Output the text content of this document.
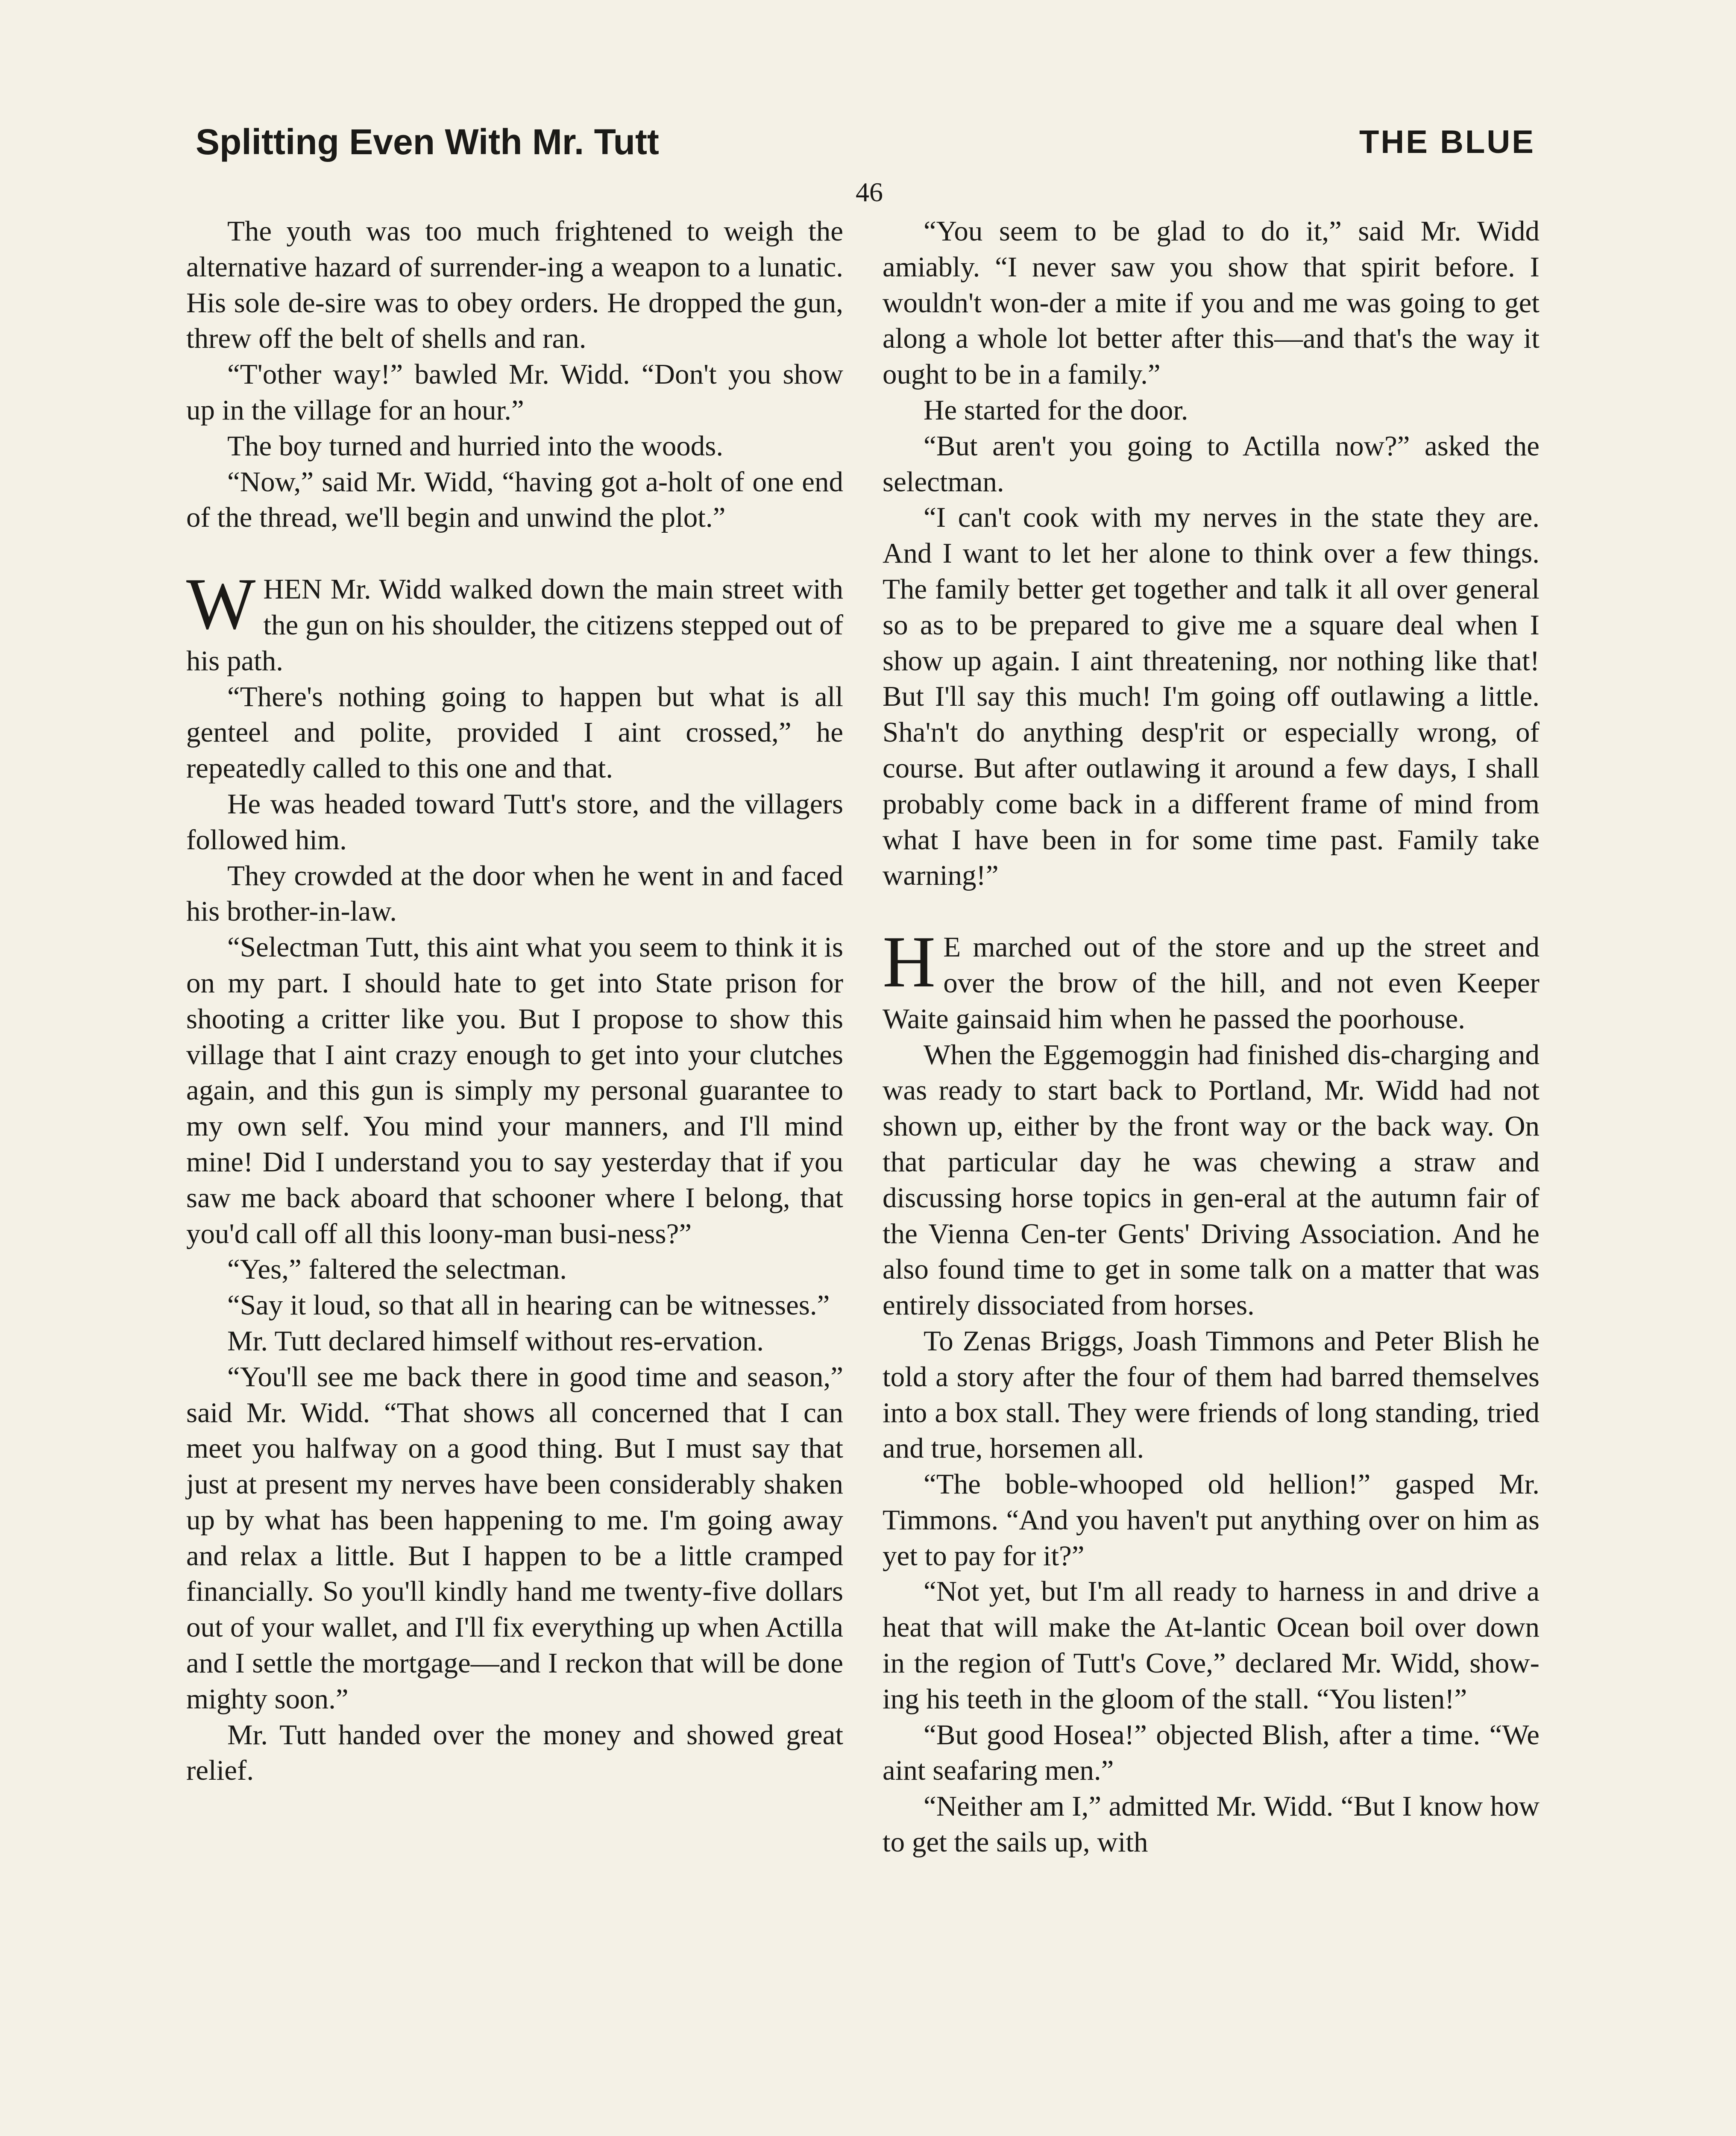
Splitting Even With Mr. Tutt	THE BLUE
46

The youth was too much frightened to weigh the alternative hazard of surrender-ing a weapon to a lunatic. His sole de-sire was to obey orders. He dropped the gun, threw off the belt of shells and ran.

“T'other way!” bawled Mr. Widd. “Don't you show up in the village for an hour.”

The boy turned and hurried into the woods.

“Now,” said Mr. Widd, “having got a-holt of one end of the thread, we'll begin and unwind the plot.”

WHEN Mr. Widd walked down the main street with the gun on his shoulder, the citizens stepped out of his path.

“There's nothing going to happen but what is all genteel and polite, provided I aint crossed,” he repeatedly called to this one and that.

He was headed toward Tutt's store, and the villagers followed him.

They crowded at the door when he went in and faced his brother-in-law.

“Selectman Tutt, this aint what you seem to think it is on my part. I should hate to get into State prison for shooting a critter like you. But I propose to show this village that I aint crazy enough to get into your clutches again, and this gun is simply my personal guarantee to my own self. You mind your manners, and I'll mind mine! Did I understand you to say yesterday that if you saw me back aboard that schooner where I belong, that you'd call off all this loony-man busi-ness?”

“Yes,” faltered the selectman.

“Say it loud, so that all in hearing can be witnesses.”

Mr. Tutt declared himself without res-ervation.

“You'll see me back there in good time and season,” said Mr. Widd. “That shows all concerned that I can meet you halfway on a good thing. But I must say that just at present my nerves have been considerably shaken up by what has been happening to me. I'm going away and relax a little. But I happen to be a little cramped financially. So you'll kindly hand me twenty-five dollars out of your wallet, and I'll fix everything up when Actilla and I settle the mortgage—and I reckon that will be done mighty soon.”

Mr. Tutt handed over the money and showed great relief.

“You seem to be glad to do it,” said Mr. Widd amiably. “I never saw you show that spirit before. I wouldn't won-der a mite if you and me was going to get along a whole lot better after this—and that's the way it ought to be in a family.”

He started for the door.

“But aren't you going to Actilla now?” asked the selectman.

“I can't cook with my nerves in the state they are. And I want to let her alone to think over a few things. The family better get together and talk it all over general so as to be prepared to give me a square deal when I show up again. I aint threatening, nor nothing like that! But I'll say this much! I'm going off outlawing a little. Sha'n't do anything desp'rit or especially wrong, of course. But after outlawing it around a few days, I shall probably come back in a different frame of mind from what I have been in for some time past. Family take warning!”

H E marched out of the store and up the street and over the brow of the hill, and not even Keeper Waite gainsaid him when he passed the poorhouse.

When the Eggemoggin had finished dis-charging and was ready to start back to Portland, Mr. Widd had not shown up, either by the front way or the back way. On that particular day he was chewing a straw and discussing horse topics in gen-eral at the autumn fair of the Vienna Cen-ter Gents' Driving Association. And he also found time to get in some talk on a matter that was entirely dissociated from horses.

To Zenas Briggs, Joash Timmons and Peter Blish he told a story after the four of them had barred themselves into a box stall. They were friends of long standing, tried and true, horsemen all.

“The boble-whooped old hellion!” gasped Mr. Timmons. “And you haven't put anything over on him as yet to pay for it?”

“Not yet, but I'm all ready to harness in and drive a heat that will make the At-lantic Ocean boil over down in the region of Tutt's Cove,” declared Mr. Widd, show-ing his teeth in the gloom of the stall. “You listen!”

“But good Hosea!” objected Blish, after a time. “We aint seafaring men.”

“Neither am I,” admitted Mr. Widd. “But I know how to get the sails up, with
